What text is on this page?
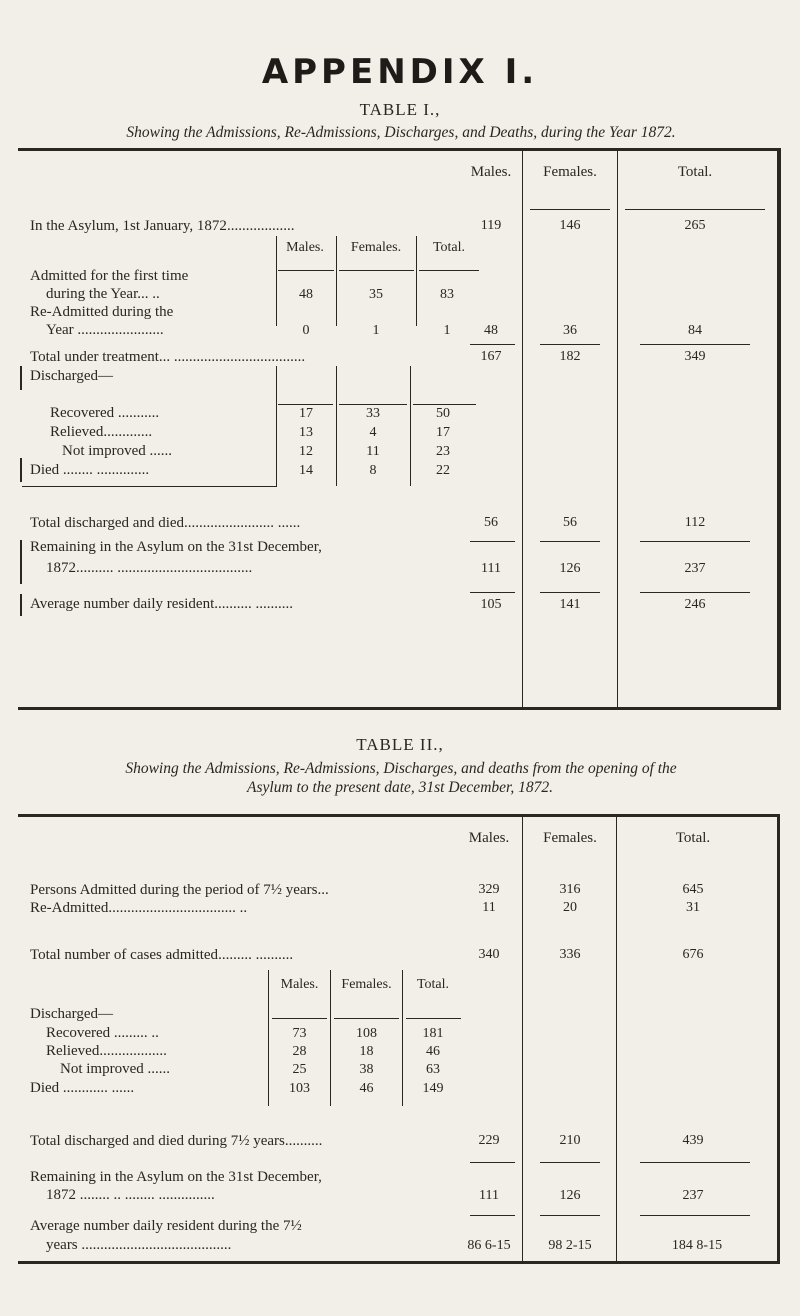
APPENDIX I.
TABLE I.,
Showing the Admissions, Re-Admissions, Discharges, and Deaths, during the Year 1872.
Males.	Females.	Total.
In the Asylum, 1st January, 1872..................	119	146	265
Males.	Females.	Total.
Admitted for the first time
during the Year... ..	48	35	83
Re-Admitted during the
Year .......................	0	1	1	48	36	84
Total under treatment... ...................................	167	182	349
Discharged—
Recovered ...........	17	33	50
Relieved.............	13	4	17
Not improved ......	12	11	23
Died ........ ..............	14	8	22
Total discharged and died........................ ......	56	56	112
Remaining in the Asylum on the 31st December,
1872.......... ....................................	111	126	237
Average number daily resident.......... ..........	105	141	246
TABLE II.,
Showing the Admissions, Re-Admissions, Discharges, and deaths from the opening of the
Asylum to the present date, 31st December, 1872.
Males.	Females.	Total.
Persons Admitted during the period of 7½ years...	329	316	645
Re-Admitted.................................. ..	11	20	31
Total number of cases admitted......... ..........	340	336	676
Males.	Females.	Total.
Discharged—
Recovered ......... ..	73	108	181
Relieved..................	28	18	46
Not improved ......	25	38	63
Died ............ ......	103	46	149
Total discharged and died during 7½ years..........	229	210	439
Remaining in the Asylum on the 31st December,
1872 ........ .. ........ ...............	111	126	237
Average number daily resident during the 7½
years ........................................	86 6-15	98 2-15	184 8-15
